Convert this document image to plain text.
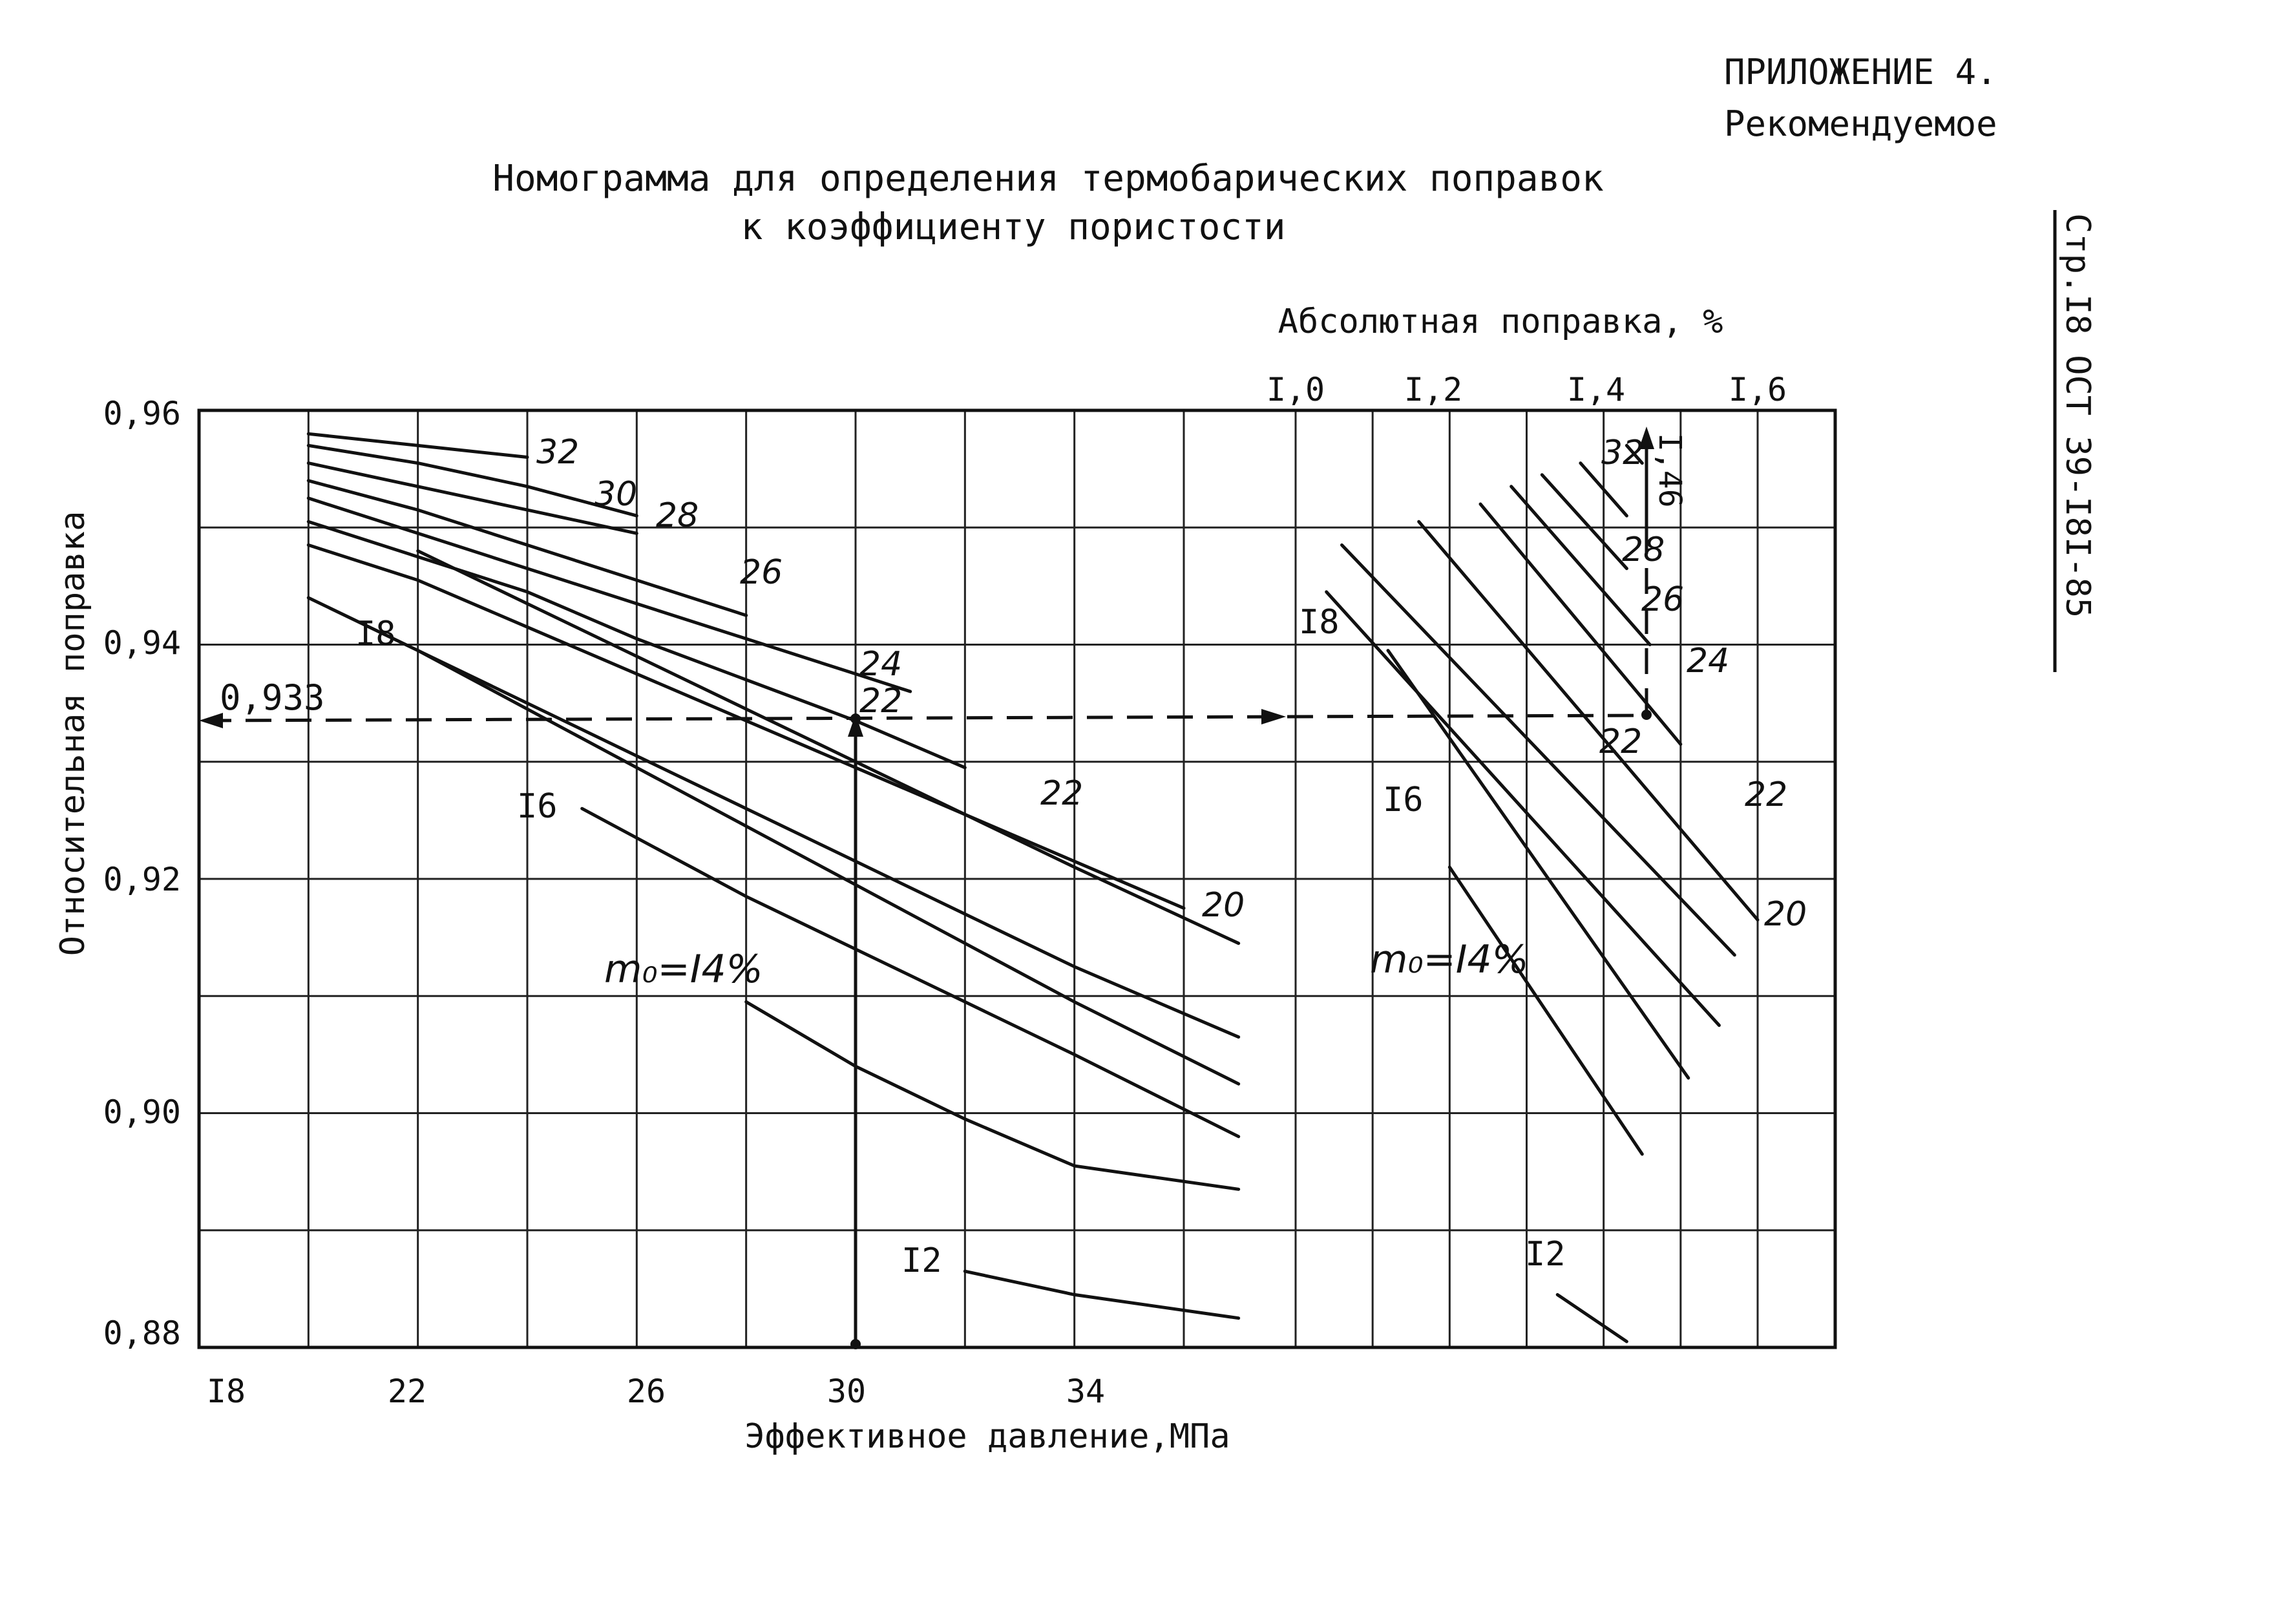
ПРИЛОЖЕНИЕ 4.
Рекомендуемое
Стр.I8 ОСТ 39-I8I-85
Номограмма для определения термобарических поправок
к коэффициенту пористости
Абсолютная поправка, %
Относительная поправка
Эффективное давление,МПа
0,96
0,94
0,92
0,90
0,88
I8	22	26	30	34
I,0 I,2	I,4	I,6
0,933
I,46
32
30
28
26
24
22
22
20
I8
I6
m₀=I4%
I2
32
28
26
24
22
22
20
I8
I6
m₀=I4%
I2
